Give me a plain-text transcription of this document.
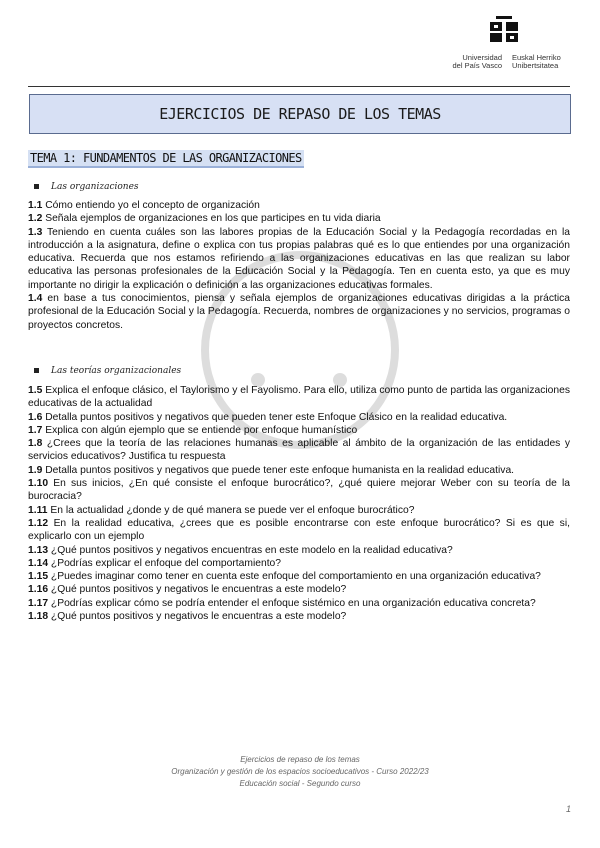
Universidad
del País Vasco
Euskal Herriko
Unibertsitatea
EJERCICIOS DE REPASO DE LOS TEMAS
TEMA 1: FUNDAMENTOS DE LAS ORGANIZACIONES
Las organizaciones

1.1 Cómo entiendo yo el concepto de organización

1.2 Señala ejemplos de organizaciones en los que participes en tu vida diaria

1.3 Teniendo en cuenta cuáles son las labores propias de la Educación Social y la Pedagogía recordadas en la introducción a la asignatura, define o explica con tus propias palabras qué es lo que entiendes por una organización educativa. Recuerda que nos estamos refiriendo a las organizaciones educativas en las que realizan su labor educativa las personas profesionales de la Educación Social y la Pedagogía. Ten en cuenta esto, ya que es muy importante no dirigir la explicación o definición a las organizaciones educativas formales.

1.4 en base a tus conocimientos, piensa y señala ejemplos de organizaciones educativas dirigidas a la práctica profesional de la Educación Social y la Pedagogía. Recuerda, nombres de organizaciones y no servicios, programas o proyectos concretos.

Las teorías organizacionales

1.5 Explica el enfoque clásico, el Taylorismo y el Fayolismo. Para ello, utiliza como punto de partida las organizaciones educativas de la actualidad

1.6 Detalla puntos positivos y negativos que pueden tener este Enfoque Clásico en la realidad educativa.

1.7 Explica con algún ejemplo que se entiende por enfoque humanístico

1.8 ¿Crees que la teoría de las relaciones humanas es aplicable al ámbito de la organización de las entidades y servicios educativos? Justifica tu respuesta

1.9 Detalla puntos positivos y negativos que puede tener este enfoque humanista en la realidad educativa.

1.10 En sus inicios, ¿En qué consiste el enfoque burocrático?, ¿qué quiere mejorar Weber con su teoría de la burocracia?

1.11 En la actualidad ¿donde y de qué manera se puede ver el enfoque burocrático?

1.12 En la realidad educativa, ¿crees que es posible encontrarse con este enfoque burocrático? Si es que si, explicarlo con un ejemplo

1.13 ¿Qué puntos positivos y negativos encuentras en este modelo en la realidad educativa?

1.14 ¿Podrías explicar el enfoque del comportamiento?

1.15 ¿Puedes imaginar como tener en cuenta este enfoque del comportamiento en una organización educativa?

1.16 ¿Qué puntos positivos y negativos le encuentras a este modelo?

1.17 ¿Podrías explicar cómo se podría entender el enfoque sistémico en una organización educativa concreta?

1.18 ¿Qué puntos positivos y negativos le encuentras a este modelo?

Ejercicios de repaso de los temas
Organización y gestión de los espacios socioeducativos - Curso 2022/23
Educación social - Segundo curso
1
